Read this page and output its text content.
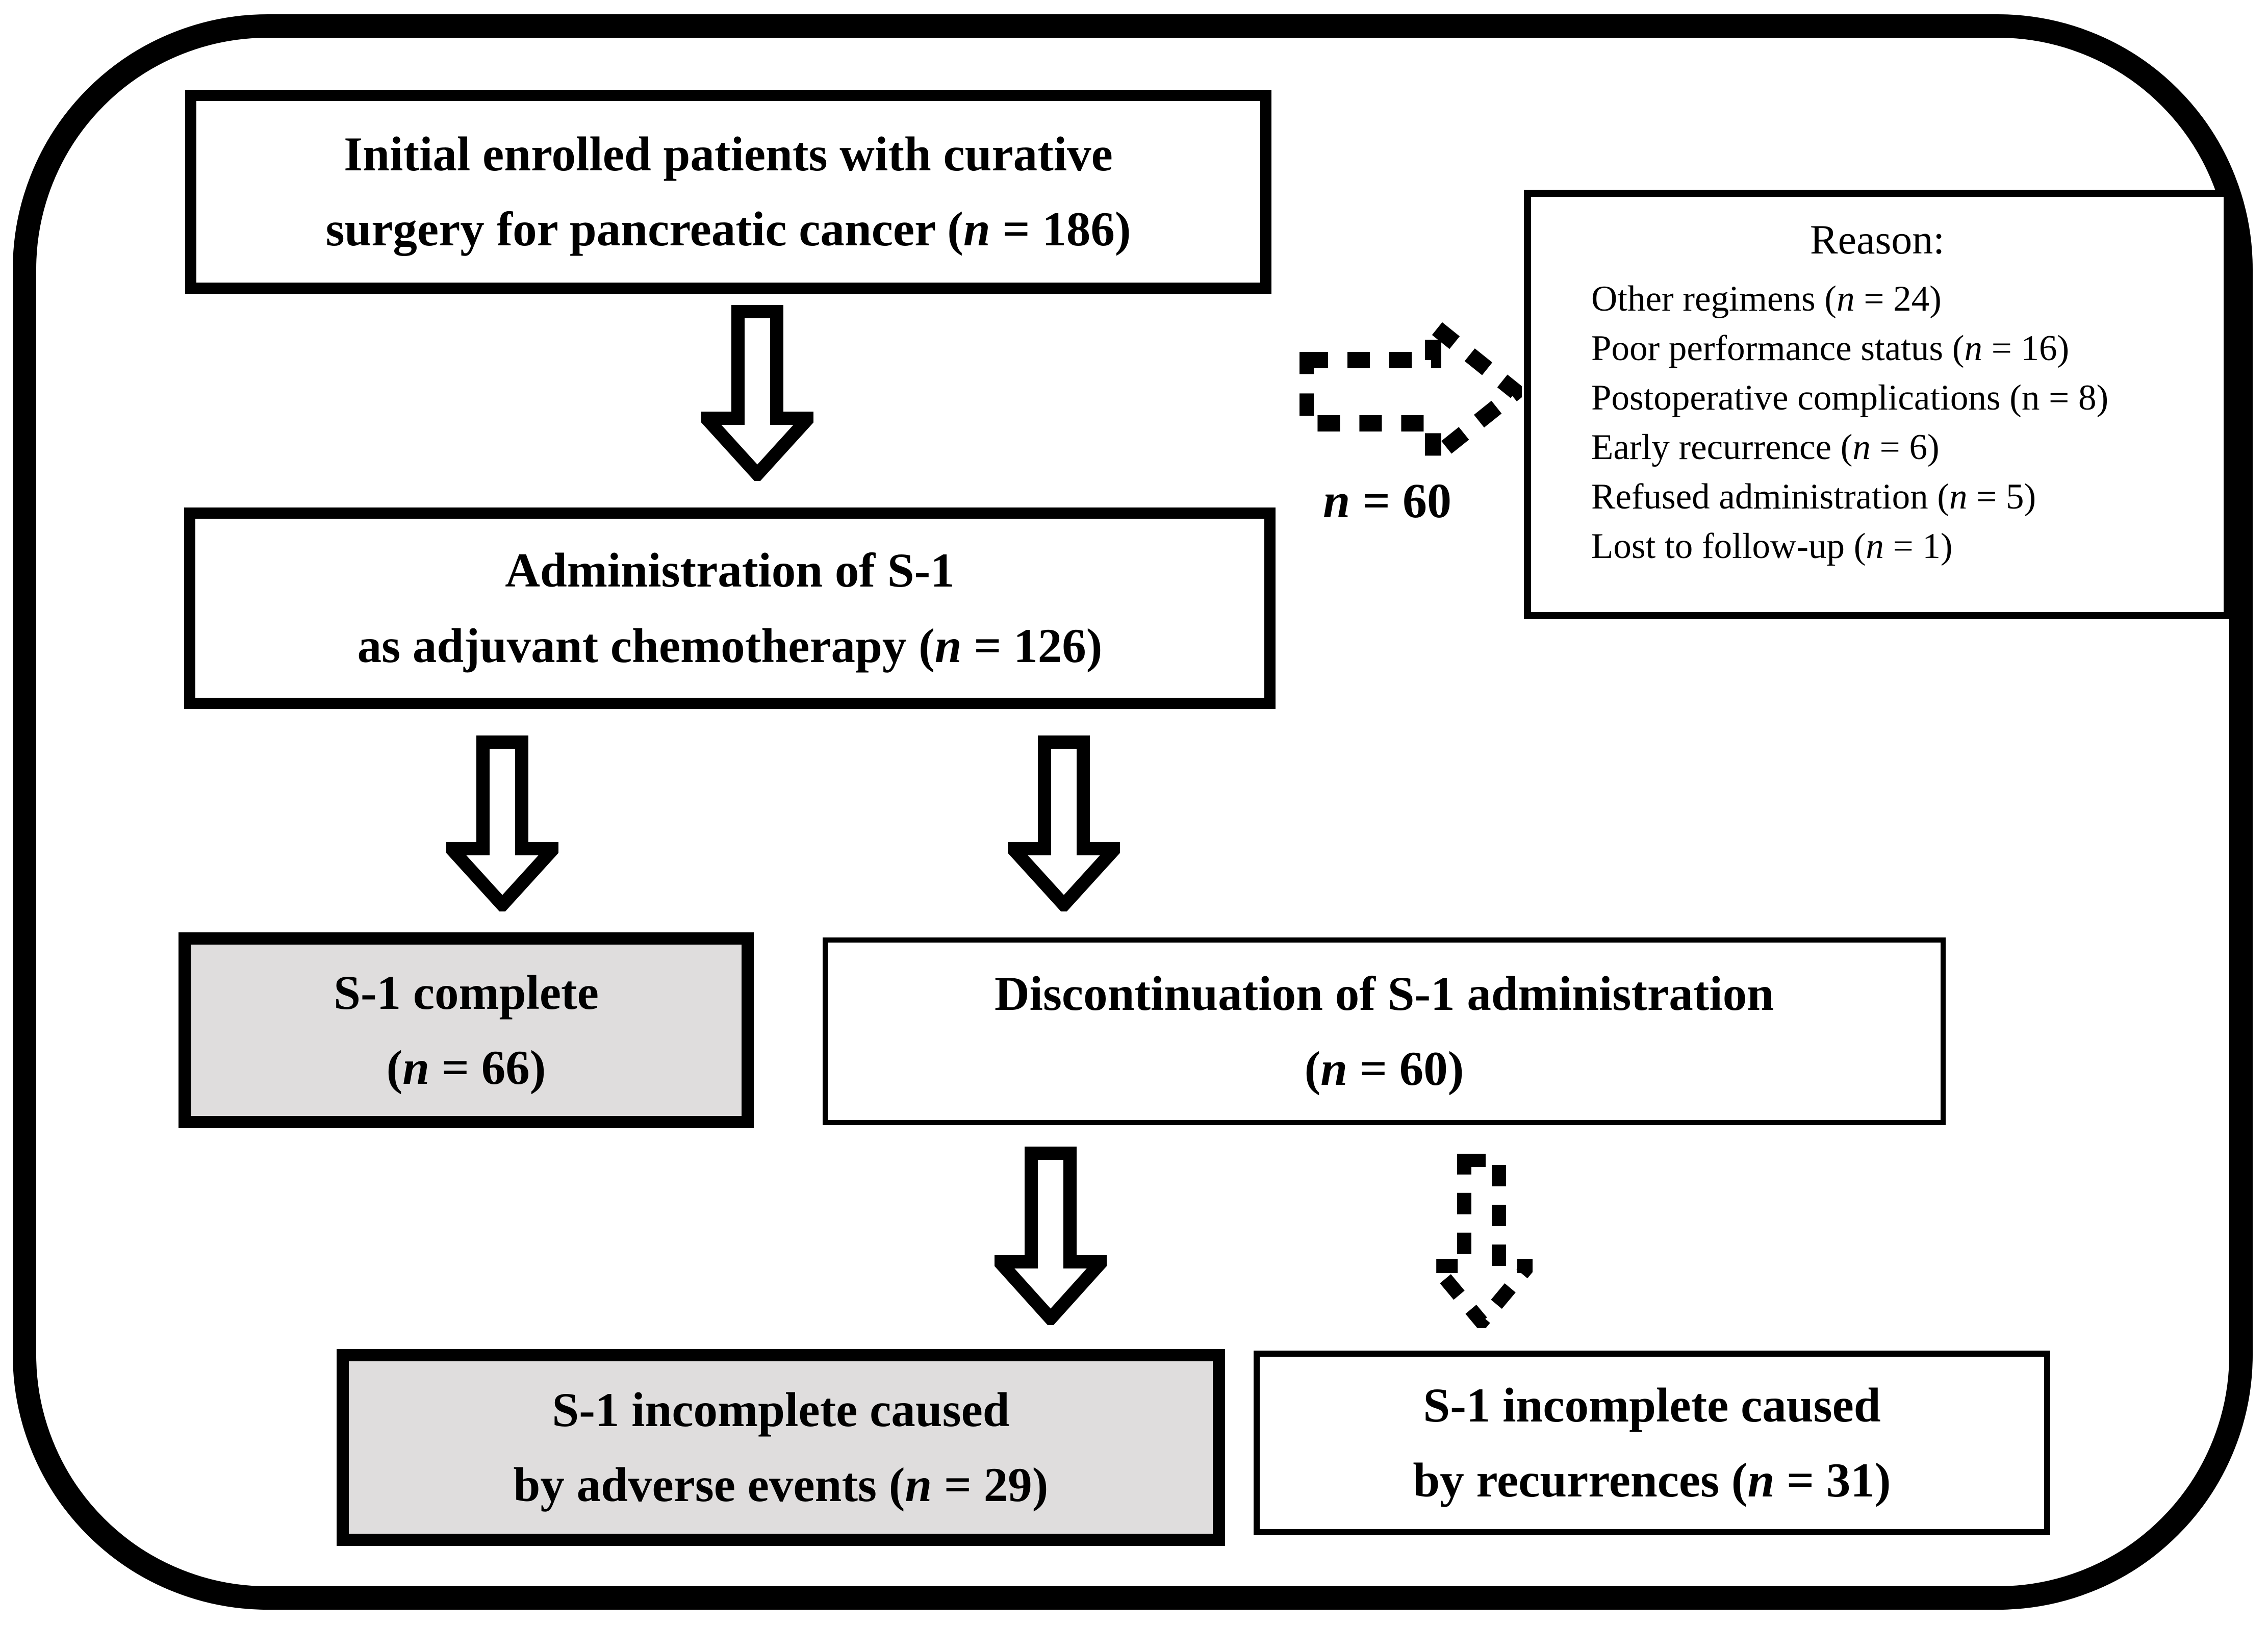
Initial enrolled patients with curative
surgery for pancreatic cancer (n = 186)
n = 60
Reason:
Other regimens (n = 24)
Poor performance status (n = 16)
Postoperative complications (n = 8)
Early recurrence (n = 6)
Refused administration (n = 5)
Lost to follow-up (n = 1)
Administration of S-1
as adjuvant chemotherapy (n = 126)
S-1 complete
(n = 66)
Discontinuation of S-1 administration
(n = 60)
S-1 incomplete caused
by adverse events (n = 29)
S-1 incomplete caused
by recurrences (n = 31)
